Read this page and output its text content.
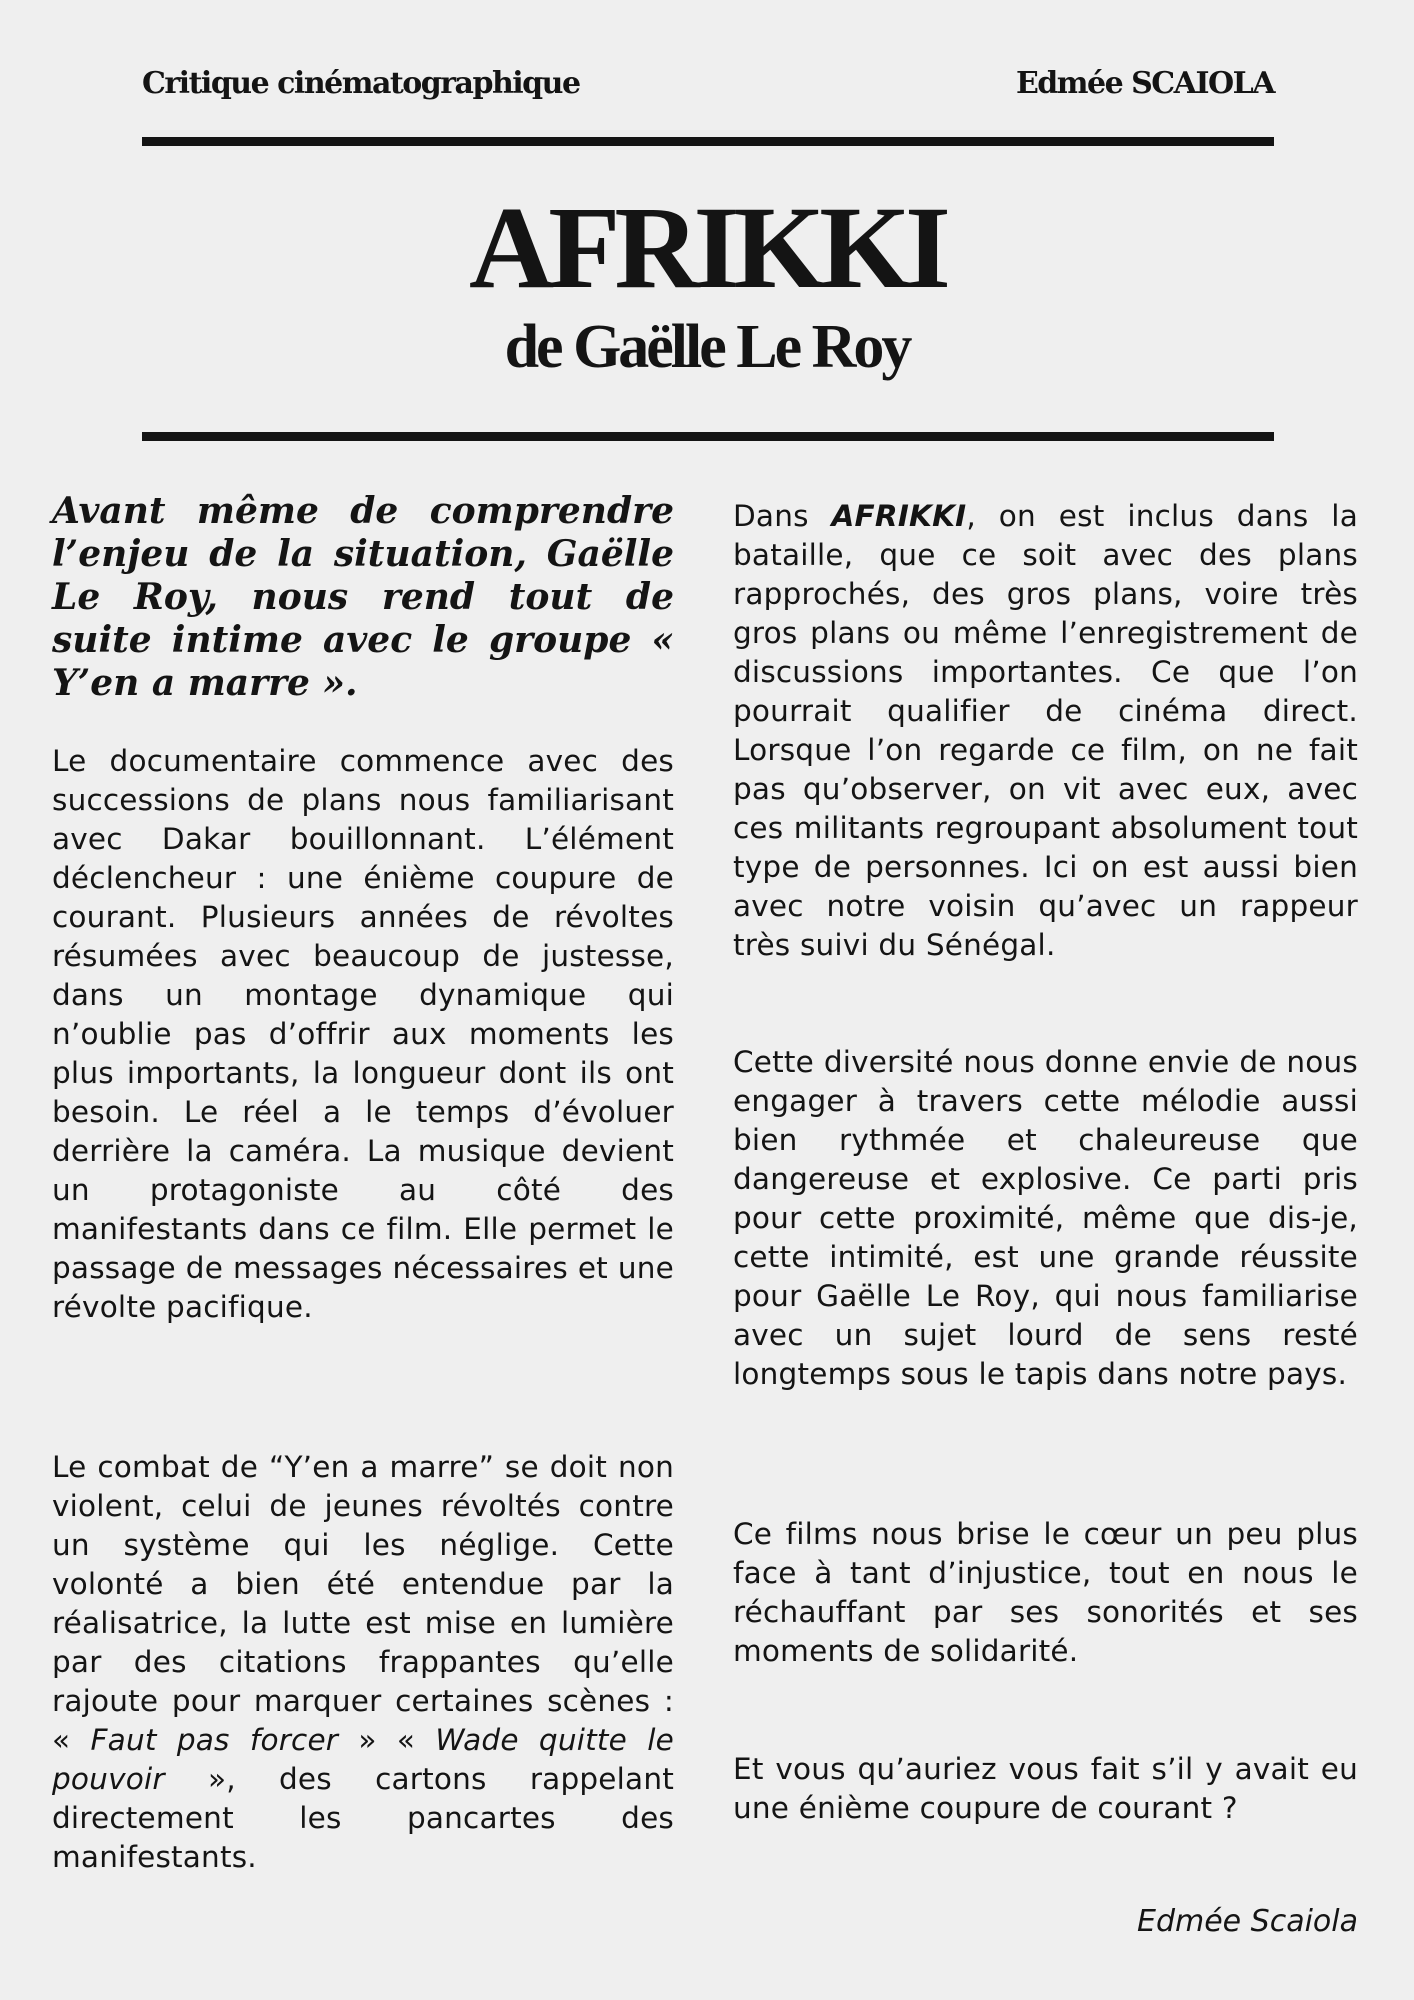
Critique cinématographique	Edmée SCAIOLA
AFRIKKI
de Gaëlle Le Roy
Avant même de comprendre l’enjeu de la situation, Gaëlle Le Roy, nous rend tout de suite intime avec le groupe « Y’en a marre ».

Le documentaire commence avec des successions de plans nous familiarisant avec Dakar bouillonnant. L’élément déclencheur : une énième coupure de courant. Plusieurs années de révoltes résumées avec beaucoup de justesse, dans un montage dynamique qui n’oublie pas d’offrir aux moments les plus importants, la longueur dont ils ont besoin. Le réel a le temps d’évoluer derrière la caméra. La musique devient un protagoniste au côté des manifestants dans ce film. Elle permet le passage de messages nécessaires et une révolte pacifique.

Le combat de “Y’en a marre” se doit non violent, celui de jeunes révoltés contre un système qui les néglige. Cette volonté a bien été entendue par la réalisatrice, la lutte est mise en lumière par des citations frappantes qu’elle rajoute pour marquer certaines scènes : « Faut pas forcer » « Wade quitte le pouvoir », des cartons rappelant directement les pancartes des manifestants.

Dans AFRIKKI, on est inclus dans la bataille, que ce soit avec des plans rapprochés, des gros plans, voire très gros plans ou même l’enregistrement de discussions importantes. Ce que l’on pourrait qualifier de cinéma direct. Lorsque l’on regarde ce film, on ne fait pas qu’observer, on vit avec eux, avec ces militants regroupant absolument tout type de personnes. Ici on est aussi bien avec notre voisin qu’avec un rappeur très suivi du Sénégal.

Cette diversité nous donne envie de nous engager à travers cette mélodie aussi bien rythmée et chaleureuse que dangereuse et explosive. Ce parti pris pour cette proximité, même que dis-je, cette intimité, est une grande réussite pour Gaëlle Le Roy, qui nous familiarise avec un sujet lourd de sens resté longtemps sous le tapis dans notre pays.

Ce films nous brise le cœur un peu plus face à tant d’injustice, tout en nous le réchauffant par ses sonorités et ses moments de solidarité.

Et vous qu’auriez vous fait s’il y avait eu une énième coupure de courant ?

Edmée Scaiola
